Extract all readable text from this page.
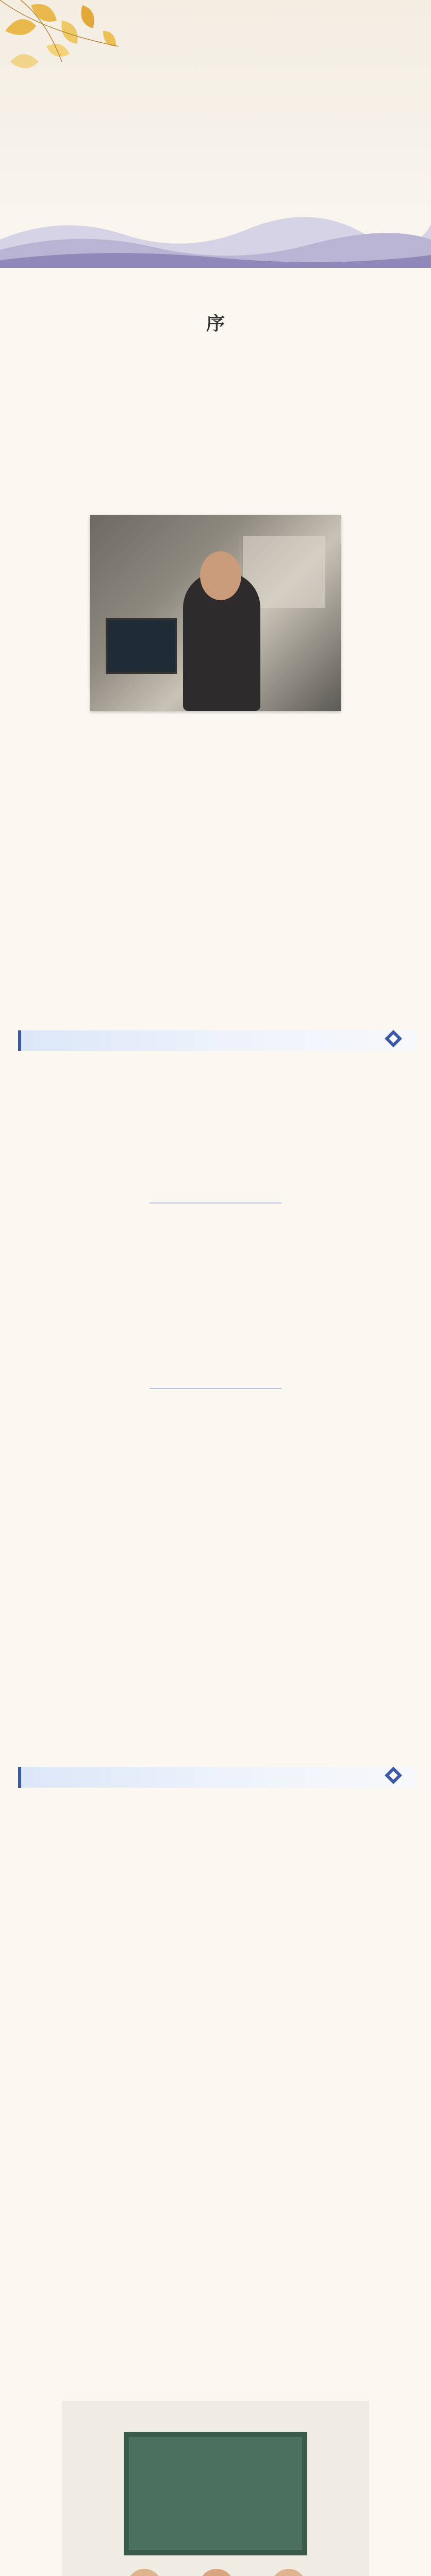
序
